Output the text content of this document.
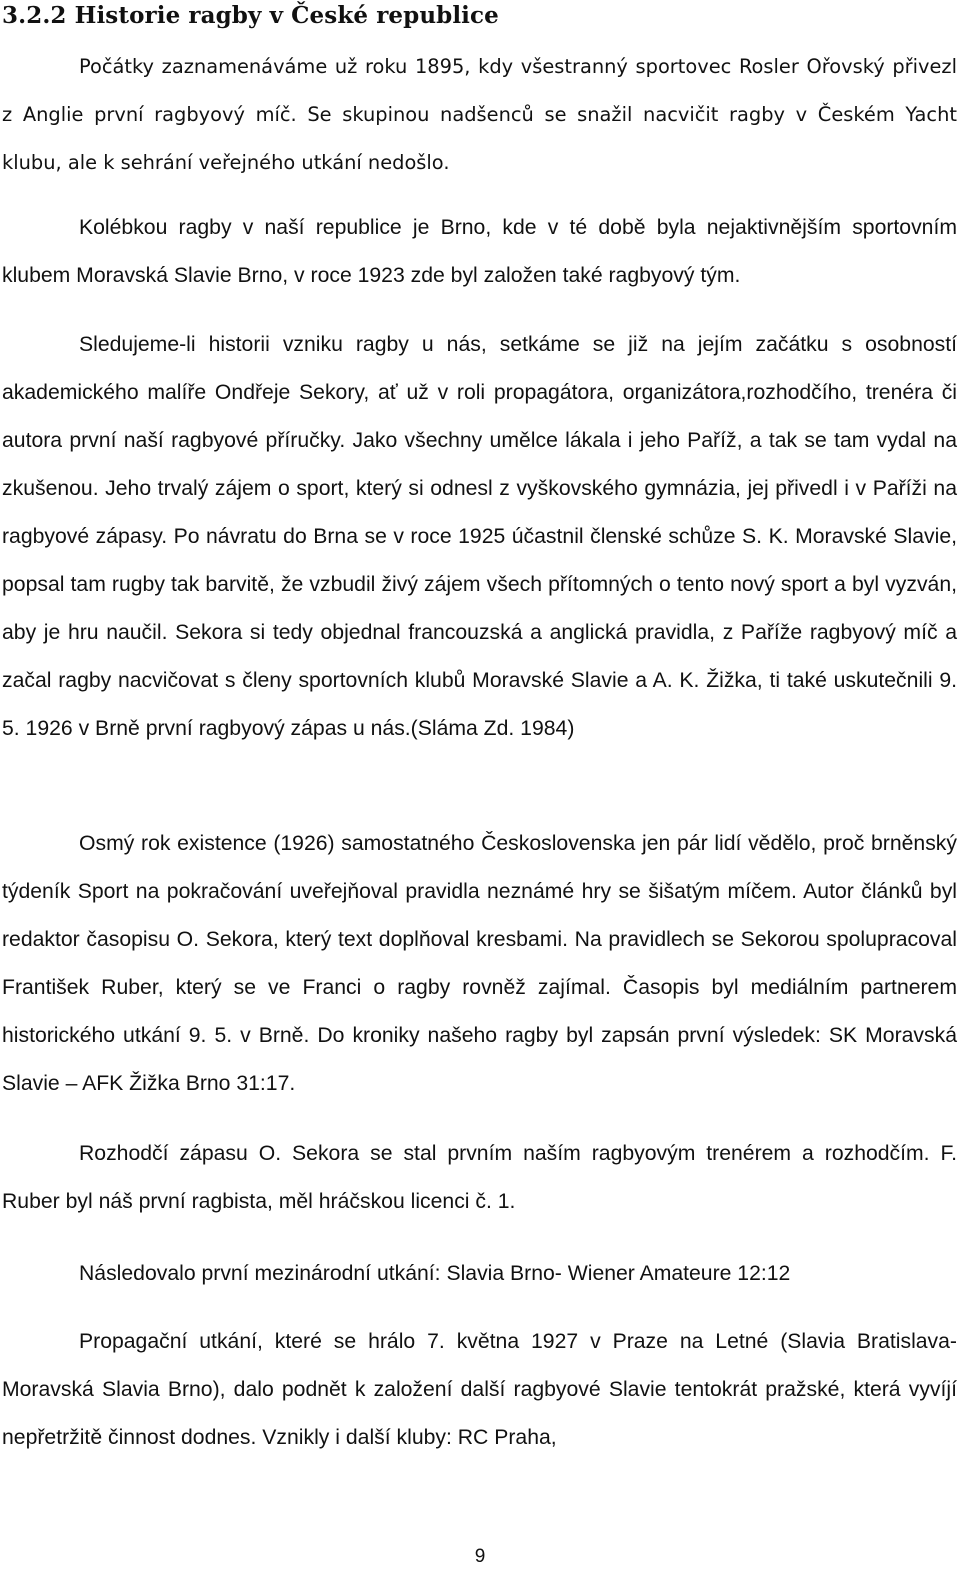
3.2.2 Historie ragby v České republice

Počátky zaznamenáváme už roku 1895, kdy všestranný sportovec Rosler Ořovský přivezl z Anglie první ragbyový míč. Se skupinou nadšenců se snažil nacvičit ragby v Českém Yacht klubu, ale k sehrání veřejného utkání nedošlo.

Kolébkou ragby v naší republice je Brno, kde v té době byla nejaktivnějším sportovním klubem Moravská Slavie Brno, v roce 1923 zde byl založen také ragbyový tým.

Sledujeme-li historii vzniku ragby u nás, setkáme se již na jejím začátku s osobností akademického malíře Ondřeje Sekory, ať už v roli propagátora, organizátora,rozhodčího, trenéra či autora první naší ragbyové příručky. Jako všechny umělce lákala i jeho Paříž, a tak se tam vydal na zkušenou. Jeho trvalý zájem o sport, který si odnesl z vyškovského gymnázia, jej přivedl i v Paříži na ragbyové zápasy. Po návratu do Brna se v roce 1925 účastnil členské schůze S. K. Moravské Slavie, popsal tam rugby tak barvitě, že vzbudil živý zájem všech přítomných o tento nový sport a byl vyzván, aby je hru naučil. Sekora si tedy objednal francouzská a anglická pravidla, z Paříže ragbyový míč a začal ragby nacvičovat s členy sportovních klubů Moravské Slavie a A. K. Žižka, ti také uskutečnili 9. 5. 1926 v Brně první ragbyový zápas u nás.(Sláma Zd. 1984)

Osmý rok existence (1926) samostatného Československa jen pár lidí vědělo, proč brněnský týdeník Sport na pokračování uveřejňoval pravidla neznámé hry se šišatým míčem. Autor článků byl redaktor časopisu O. Sekora, který text doplňoval kresbami. Na pravidlech se Sekorou spolupracoval František Ruber, který se ve Franci o ragby rovněž zajímal. Časopis byl mediálním partnerem historického utkání 9. 5. v Brně. Do kroniky našeho ragby byl zapsán první výsledek: SK Moravská Slavie – AFK Žižka Brno 31:17.

Rozhodčí zápasu O. Sekora se stal prvním naším ragbyovým trenérem a rozhodčím. F. Ruber byl náš první ragbista, měl hráčskou licenci č. 1.

Následovalo první mezinárodní utkání: Slavia Brno- Wiener Amateure 12:12

Propagační utkání, které se hrálo 7. května 1927 v Praze na Letné (Slavia Bratislava-Moravská Slavia Brno), dalo podnět k založení další ragbyové Slavie tentokrát pražské, která vyvíjí nepřetržitě činnost dodnes. Vznikly i další kluby: RC Praha,

9
